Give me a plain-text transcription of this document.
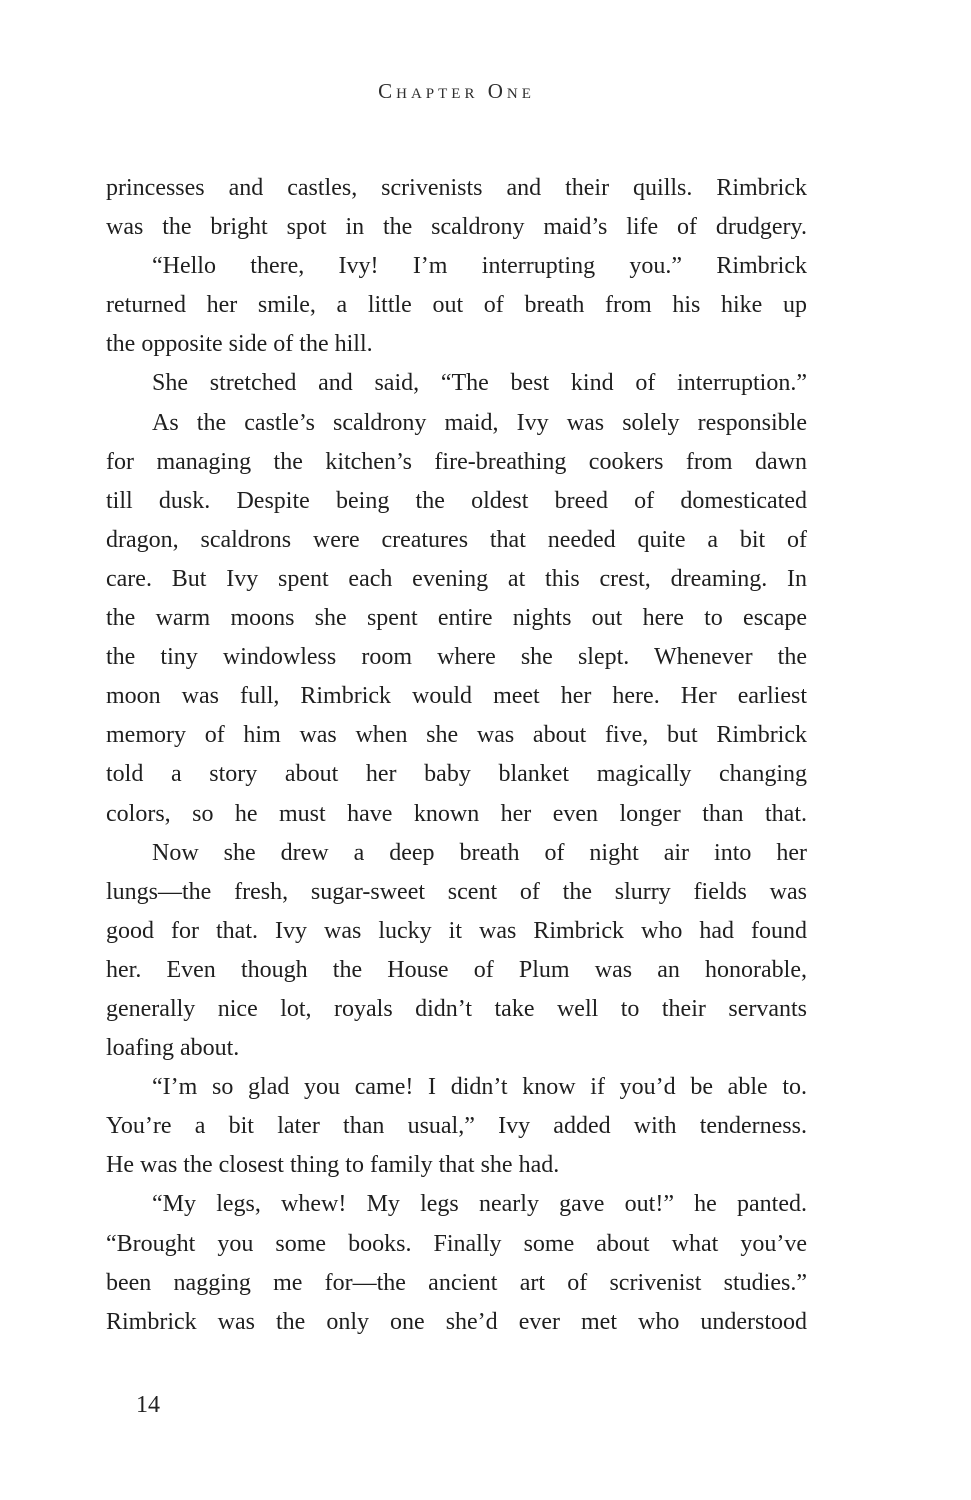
Chapter One
princesses and castles, scrivenists and their quills. Rimbrick
was the bright spot in the scaldrony maid’s life of drudgery.
“Hello there, Ivy! I’m interrupting you.” Rimbrick
returned her smile, a little out of breath from his hike up
the opposite side of the hill.
She stretched and said, “The best kind of interruption.”
As the castle’s scaldrony maid, Ivy was solely responsible
for managing the kitchen’s fire-breathing cookers from dawn
till dusk. Despite being the oldest breed of domesticated
dragon, scaldrons were creatures that needed quite a bit of
care. But Ivy spent each evening at this crest, dreaming. In
the warm moons she spent entire nights out here to escape
the tiny windowless room where she slept. Whenever the
moon was full, Rimbrick would meet her here. Her earliest
memory of him was when she was about five, but Rimbrick
told a story about her baby blanket magically changing
colors, so he must have known her even longer than that.
Now she drew a deep breath of night air into her
lungs—the fresh, sugar-sweet scent of the slurry fields was
good for that. Ivy was lucky it was Rimbrick who had found
her. Even though the House of Plum was an honorable,
generally nice lot, royals didn’t take well to their servants
loafing about.
“I’m so glad you came! I didn’t know if you’d be able to.
You’re a bit later than usual,” Ivy added with tenderness.
He was the closest thing to family that she had.
“My legs, whew! My legs nearly gave out!” he panted.
“Brought you some books. Finally some about what you’ve
been nagging me for—the ancient art of scrivenist studies.”
Rimbrick was the only one she’d ever met who understood
14
